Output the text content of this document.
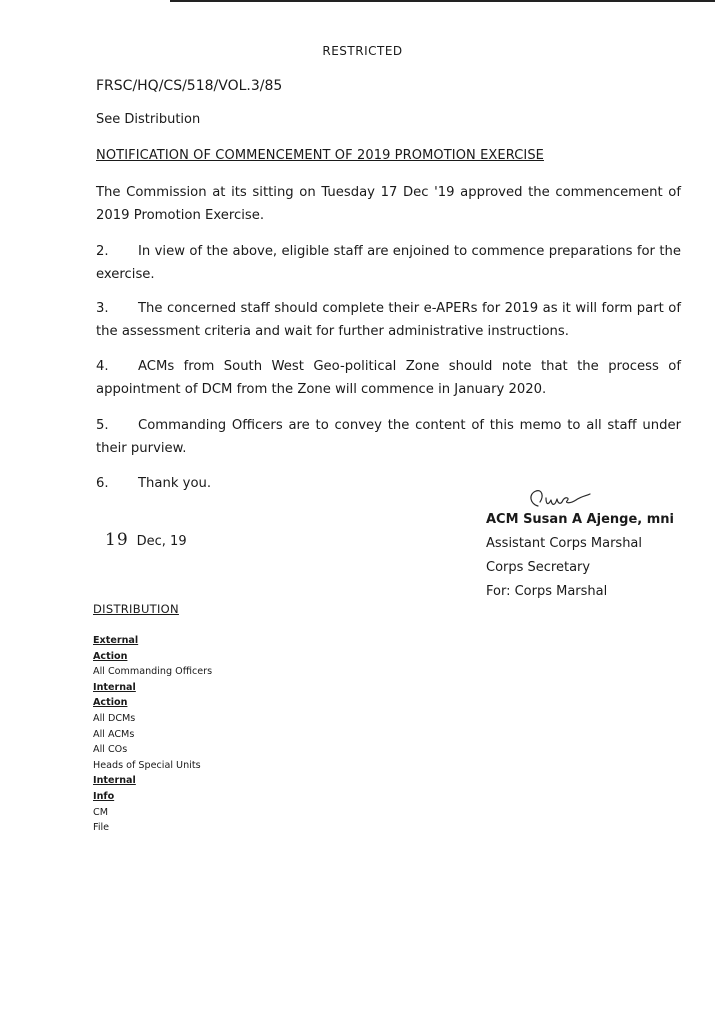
RESTRICTED
FRSC/HQ/CS/518/VOL.3/85
See Distribution
NOTIFICATION OF COMMENCEMENT OF 2019 PROMOTION EXERCISE
The Commission at its sitting on Tuesday 17 Dec '19 approved the commencement of 2019 Promotion Exercise.
2. In view of the above, eligible staff are enjoined to commence preparations for the exercise.
3. The concerned staff should complete their e-APERs for 2019 as it will form part of the assessment criteria and wait for further administrative instructions.
4. ACMs from South West Geo-political Zone should note that the process of appointment of DCM from the Zone will commence in January 2020.
5. Commanding Officers are to convey the content of this memo to all staff under their purview.
6. Thank you.
ACM Susan A Ajenge, mni
Assistant Corps Marshal
Corps Secretary
For: Corps Marshal
19 Dec, 19
DISTRIBUTION
External
Action
All Commanding Officers
Internal
Action
All DCMs
All ACMs
All COs
Heads of Special Units
Internal
Info
CM
File
